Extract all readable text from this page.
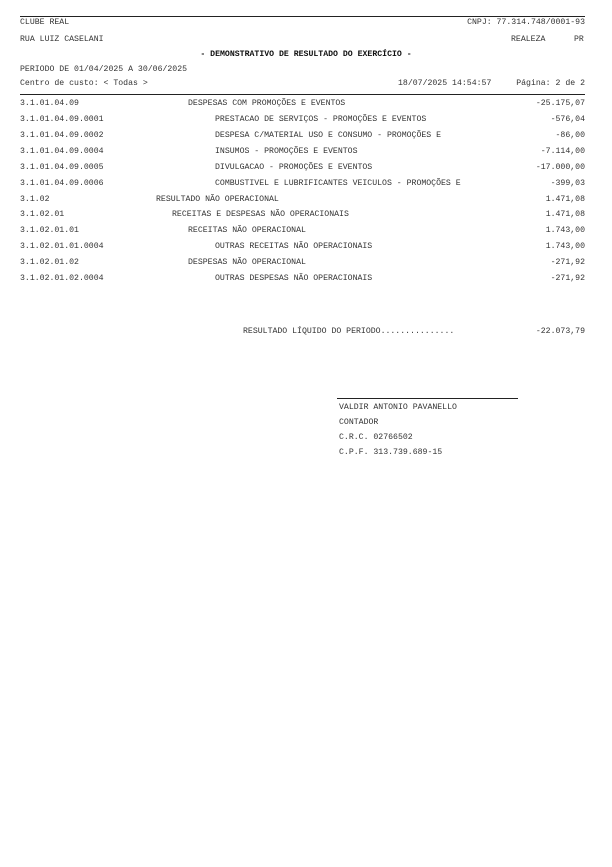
CLUBE REAL	CNPJ: 77.314.748/0001-93
RUA LUIZ CASELANI	REALEZA	PR
- DEMONSTRATIVO DE RESULTADO DO EXERCÍCIO -
PERIODO DE 01/04/2025 A 30/06/2025
Centro de custo: < Todas >	18/07/2025 14:54:57	Página: 2 de 2
3.1.01.04.09	DESPESAS COM PROMOÇÕES E EVENTOS	-25.175,07
3.1.01.04.09.0001	PRESTACAO DE SERVIÇOS - PROMOÇÕES E EVENTOS	-576,04
3.1.01.04.09.0002	DESPESA C/MATERIAL USO E CONSUMO - PROMOÇÕES E	-86,00
3.1.01.04.09.0004	INSUMOS - PROMOÇÕES E EVENTOS	-7.114,00
3.1.01.04.09.0005	DIVULGACAO - PROMOÇÕES E EVENTOS	-17.000,00
3.1.01.04.09.0006	COMBUSTIVEL E LUBRIFICANTES VEICULOS - PROMOÇÕES E	-399,03
3.1.02	RESULTADO NÃO OPERACIONAL	1.471,08
3.1.02.01	RECEITAS E DESPESAS NÃO OPERACIONAIS	1.471,08
3.1.02.01.01	RECEITAS NÃO OPERACIONAL	1.743,00
3.1.02.01.01.0004	OUTRAS RECEITAS NÃO OPERACIONAIS	1.743,00
3.1.02.01.02	DESPESAS NÃO OPERACIONAL	-271,92
3.1.02.01.02.0004	OUTRAS DESPESAS NÃO OPERACIONAIS	-271,92
RESULTADO LÍQUIDO DO PERIODO...............	-22.073,79
VALDIR ANTONIO PAVANELLO
CONTADOR
C.R.C. 02766502
C.P.F. 313.739.689-15
